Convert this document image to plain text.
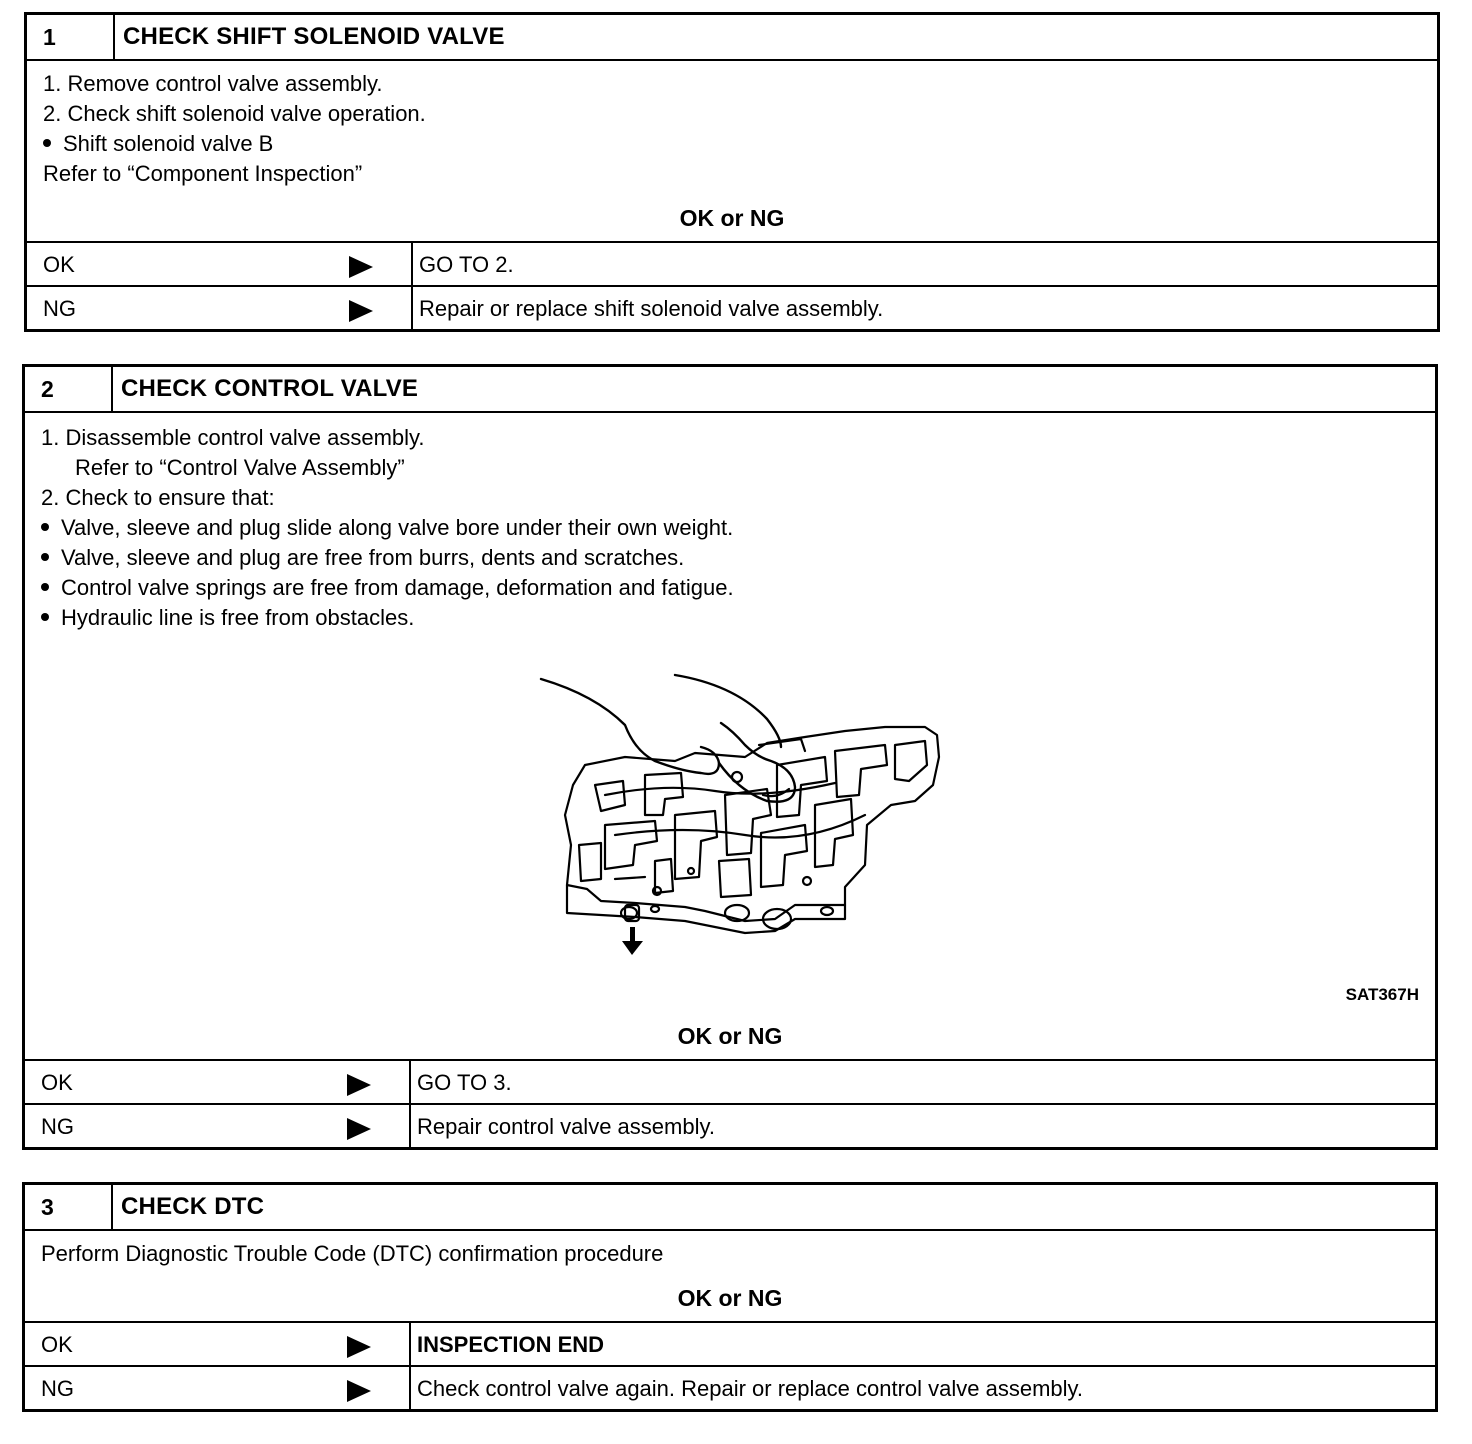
1	CHECK SHIFT SOLENOID VALVE
1. Remove control valve assembly.
2. Check shift solenoid valve operation.
Shift solenoid valve B
Refer to “Component Inspection”
OK or NG
OK	GO TO 2.
NG	Repair or replace shift solenoid valve assembly.
2	CHECK CONTROL VALVE
1. Disassemble control valve assembly.
Refer to “Control Valve Assembly”
2. Check to ensure that:
Valve, sleeve and plug slide along valve bore under their own weight.
Valve, sleeve and plug are free from burrs, dents and scratches.
Control valve springs are free from damage, deformation and fatigue.
Hydraulic line is free from obstacles.
SAT367H
OK or NG
OK	GO TO 3.
NG	Repair control valve assembly.
3	CHECK DTC
Perform Diagnostic Trouble Code (DTC) confirmation procedure
OK or NG
OK	INSPECTION END
NG	Check control valve again. Repair or replace control valve assembly.
